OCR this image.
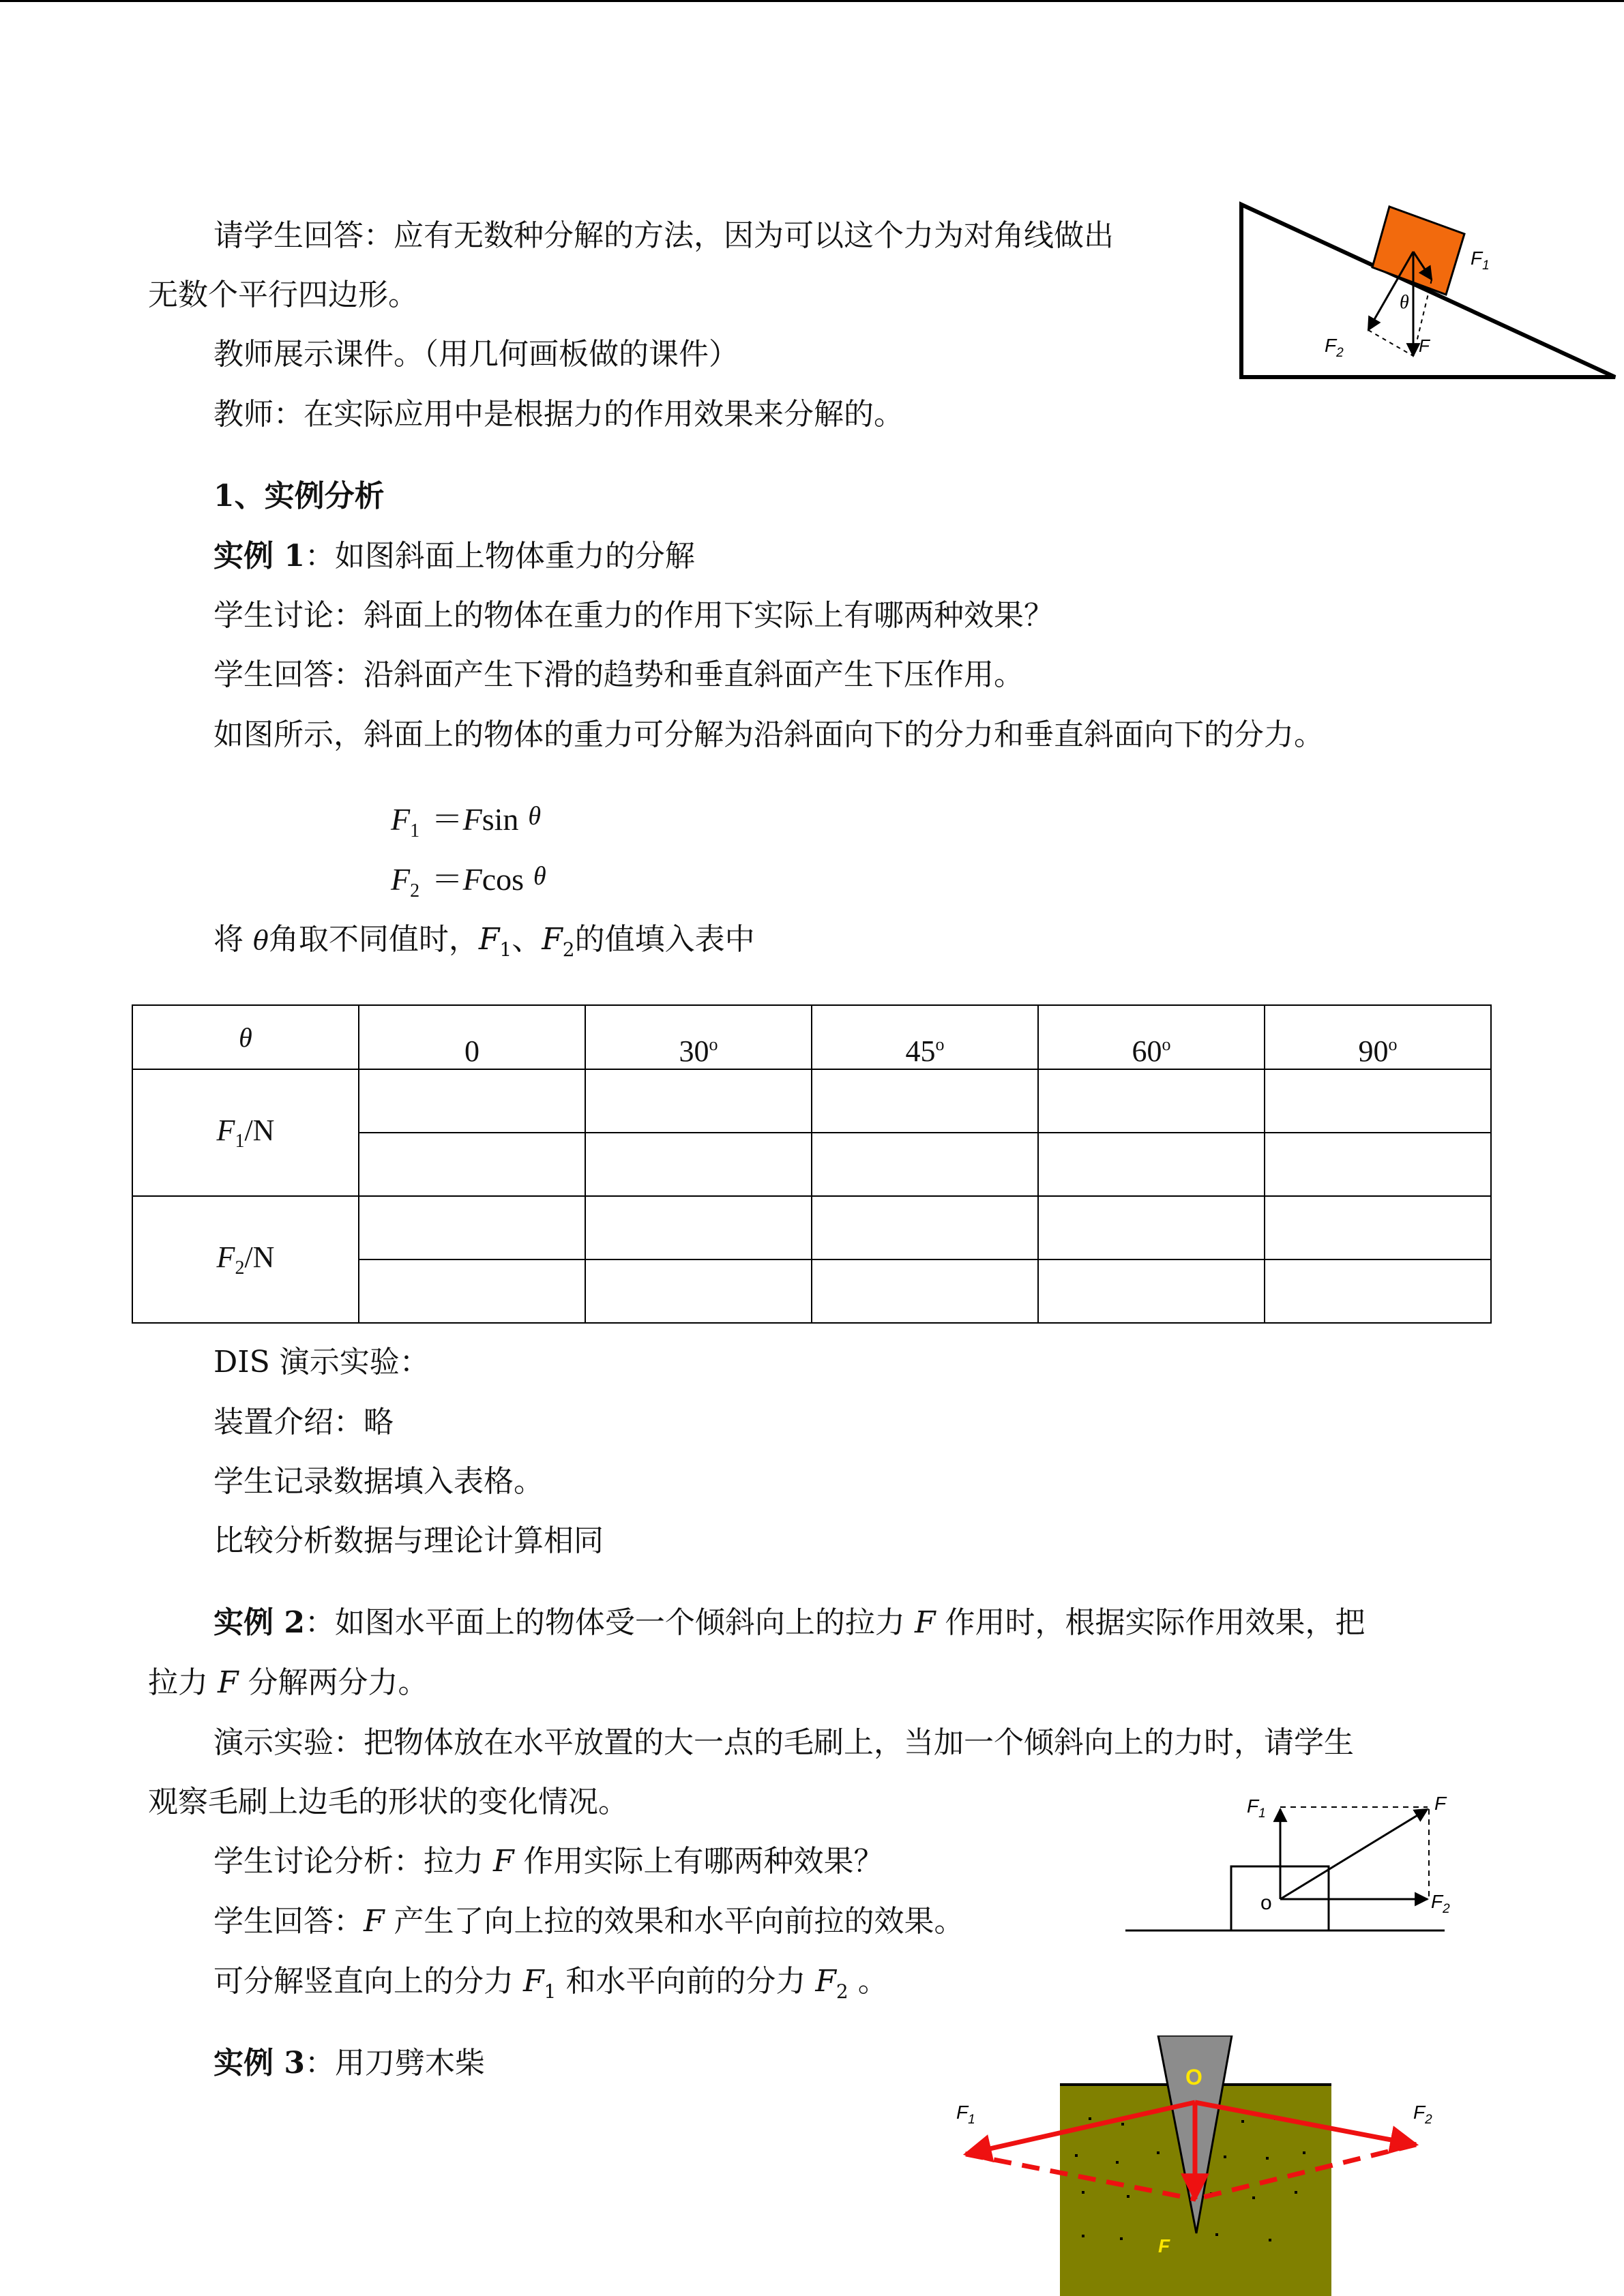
请学生回答：应有无数种分解的方法，因为可以这个力为对角线做出
无数个平行四边形。
教师展示课件。（用几何画板做的课件）
教师：在实际应用中是根据力的作用效果来分解的。
$F_1$
$F_2$	F
θ
1、实例分析
实例 1：如图斜面上物体重力的分解
学生讨论：斜面上的物体在重力的作用下实际上有哪两种效果？
学生回答：沿斜面产生下滑的趋势和垂直斜面产生下压作用。
如图所示，斜面上的物体的重力可分解为沿斜面向下的分力和垂直斜面向下的分力。
$F_1 =Fsin$ θ
$F_2 =Fcos$ θ
将 θ角取不同值时，$F_1$、$F_2$的值填入表中
θ	0	30$^o$	45$^o$	60$^o$	90$^o$
$F_1/N$					

$F_2/N$					

DIS 演示实验：
装置介绍：略
学生记录数据填入表格。
比较分析数据与理论计算相同
实例 2：如图水平面上的物体受一个倾斜向上的拉力 F 作用时，根据实际作用效果，把
拉力 F 分解两分力。
演示实验：把物体放在水平放置的大一点的毛刷上，当加一个倾斜向上的力时，请学生
观察毛刷上边毛的形状的变化情况。
学生讨论分析：拉力 F 作用实际上有哪两种效果？
学生回答：F 产生了向上拉的效果和水平向前拉的效果。
可分解竖直向上的分力 $F_1$ 和水平向前的分力 $F_2$ 。
$F_1$	F
$F_2$
o
实例 3：用刀劈木柴
$F_1$	$F_2$
O
F
